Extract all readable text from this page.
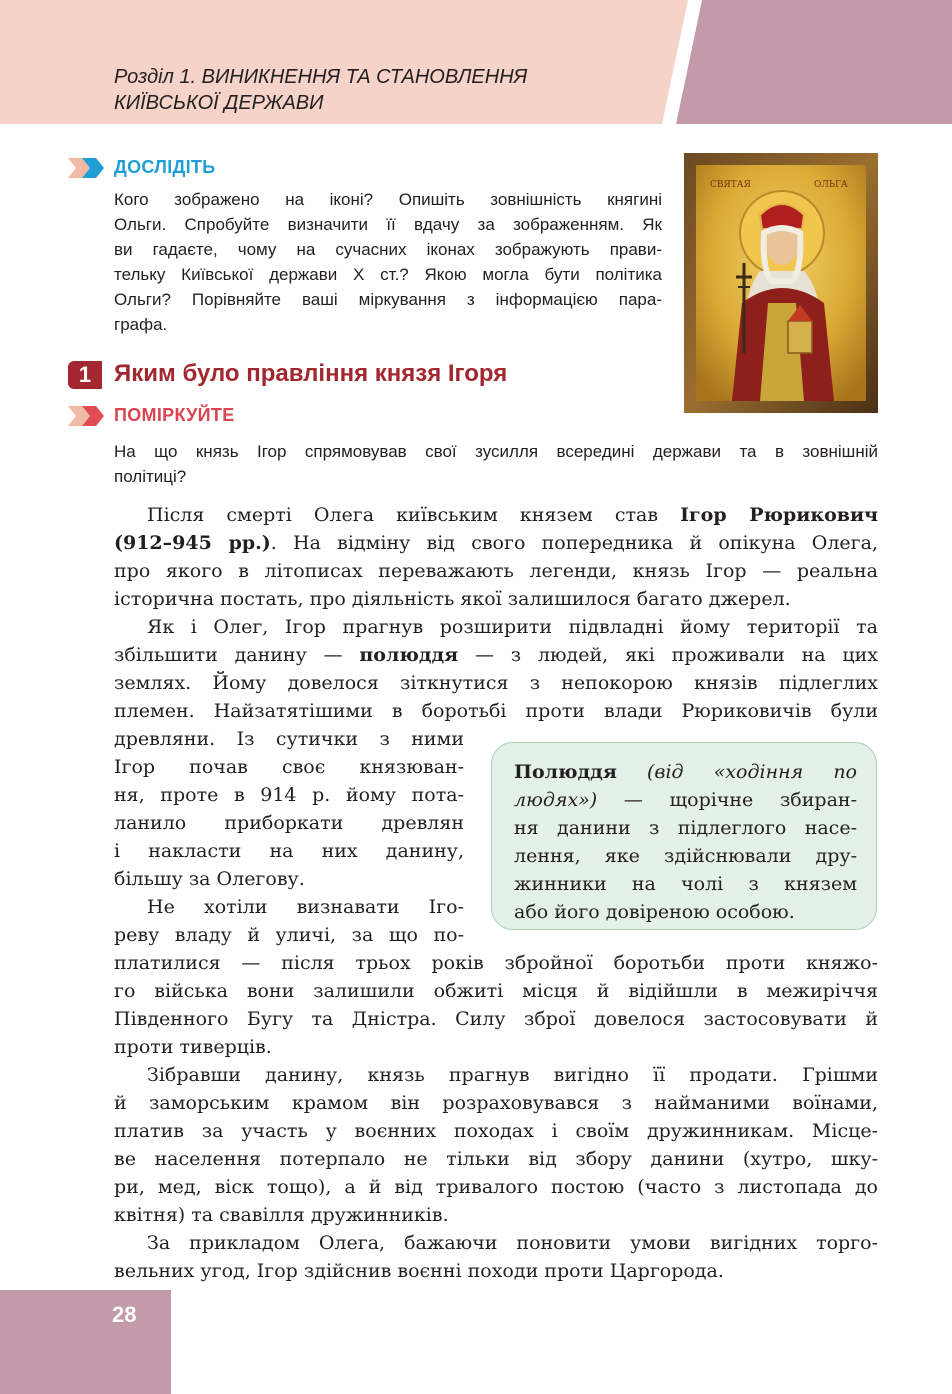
Розділ 1. ВИНИКНЕННЯ ТА СТАНОВЛЕННЯ
КИЇВСЬКОЇ ДЕРЖАВИ
ДОСЛІДІТЬ
Кого зображено на іконі? Опишіть зовнішність княгині
Ольги. Спробуйте визначити її вдачу за зображенням. Як
ви гадаєте, чому на сучасних іконах зображують прави-
тельку Київської держави Х ст.? Якою могла бути політика
Ольги? Порівняйте ваші міркування з інформацією пара-
графа.
СВЯТАЯ	ОЛЬГА
1 Яким було правління князя Ігоря
ПОМІРКУЙТЕ
На що князь Ігор спрямовував свої зусилля всередині держави та в зовнішній
політиці?
Після смерті Олега київським князем став Ігор Рюрикович
(912–945 рр.). На відміну від свого попередника й опікуна Олега,
про якого в літописах переважають легенди, князь Ігор — реальна
історична постать, про діяльність якої залишилося багато джерел.
Як і Олег, Ігор прагнув розширити підвладні йому території та
збільшити данину — полюддя — з людей, які проживали на цих
землях. Йому довелося зіткнутися з непокорою князів підлеглих
племен. Найзатятішими в боротьбі проти влади Рюриковичів були
древляни. Із сутички з ними
Ігор почав своє князюван-
ня, проте в 914 р. йому пота-
ланило приборкати древлян
і накласти на них данину,
більшу за Олегову.
Не хотіли визнавати Іго-
реву владу й уличі, за що по-
платилися — після трьох років збройної боротьби проти княжо-
го війська вони залишили обжиті місця й відійшли в межиріччя
Південного Бугу та Дністра. Силу зброї довелося застосовувати й
проти тиверців.
Полюддя (від «ходіння по
людях») — щорічне збиран-
ня данини з підлеглого насе-
лення, яке здійснювали дру-
жинники на чолі з князем
або його довіреною особою.
Зібравши данину, князь прагнув вигідно її продати. Грішми
й заморським крамом він розраховувався з найманими воїнами,
платив за участь у воєнних походах і своїм дружинникам. Місце-
ве населення потерпало не тільки від збору данини (хутро, шку-
ри, мед, віск тощо), а й від тривалого постою (часто з листопада до
квітня) та свавілля дружинників.
За прикладом Олега, бажаючи поновити умови вигідних торго-
вельних угод, Ігор здійснив воєнні походи проти Царгорода.
28
